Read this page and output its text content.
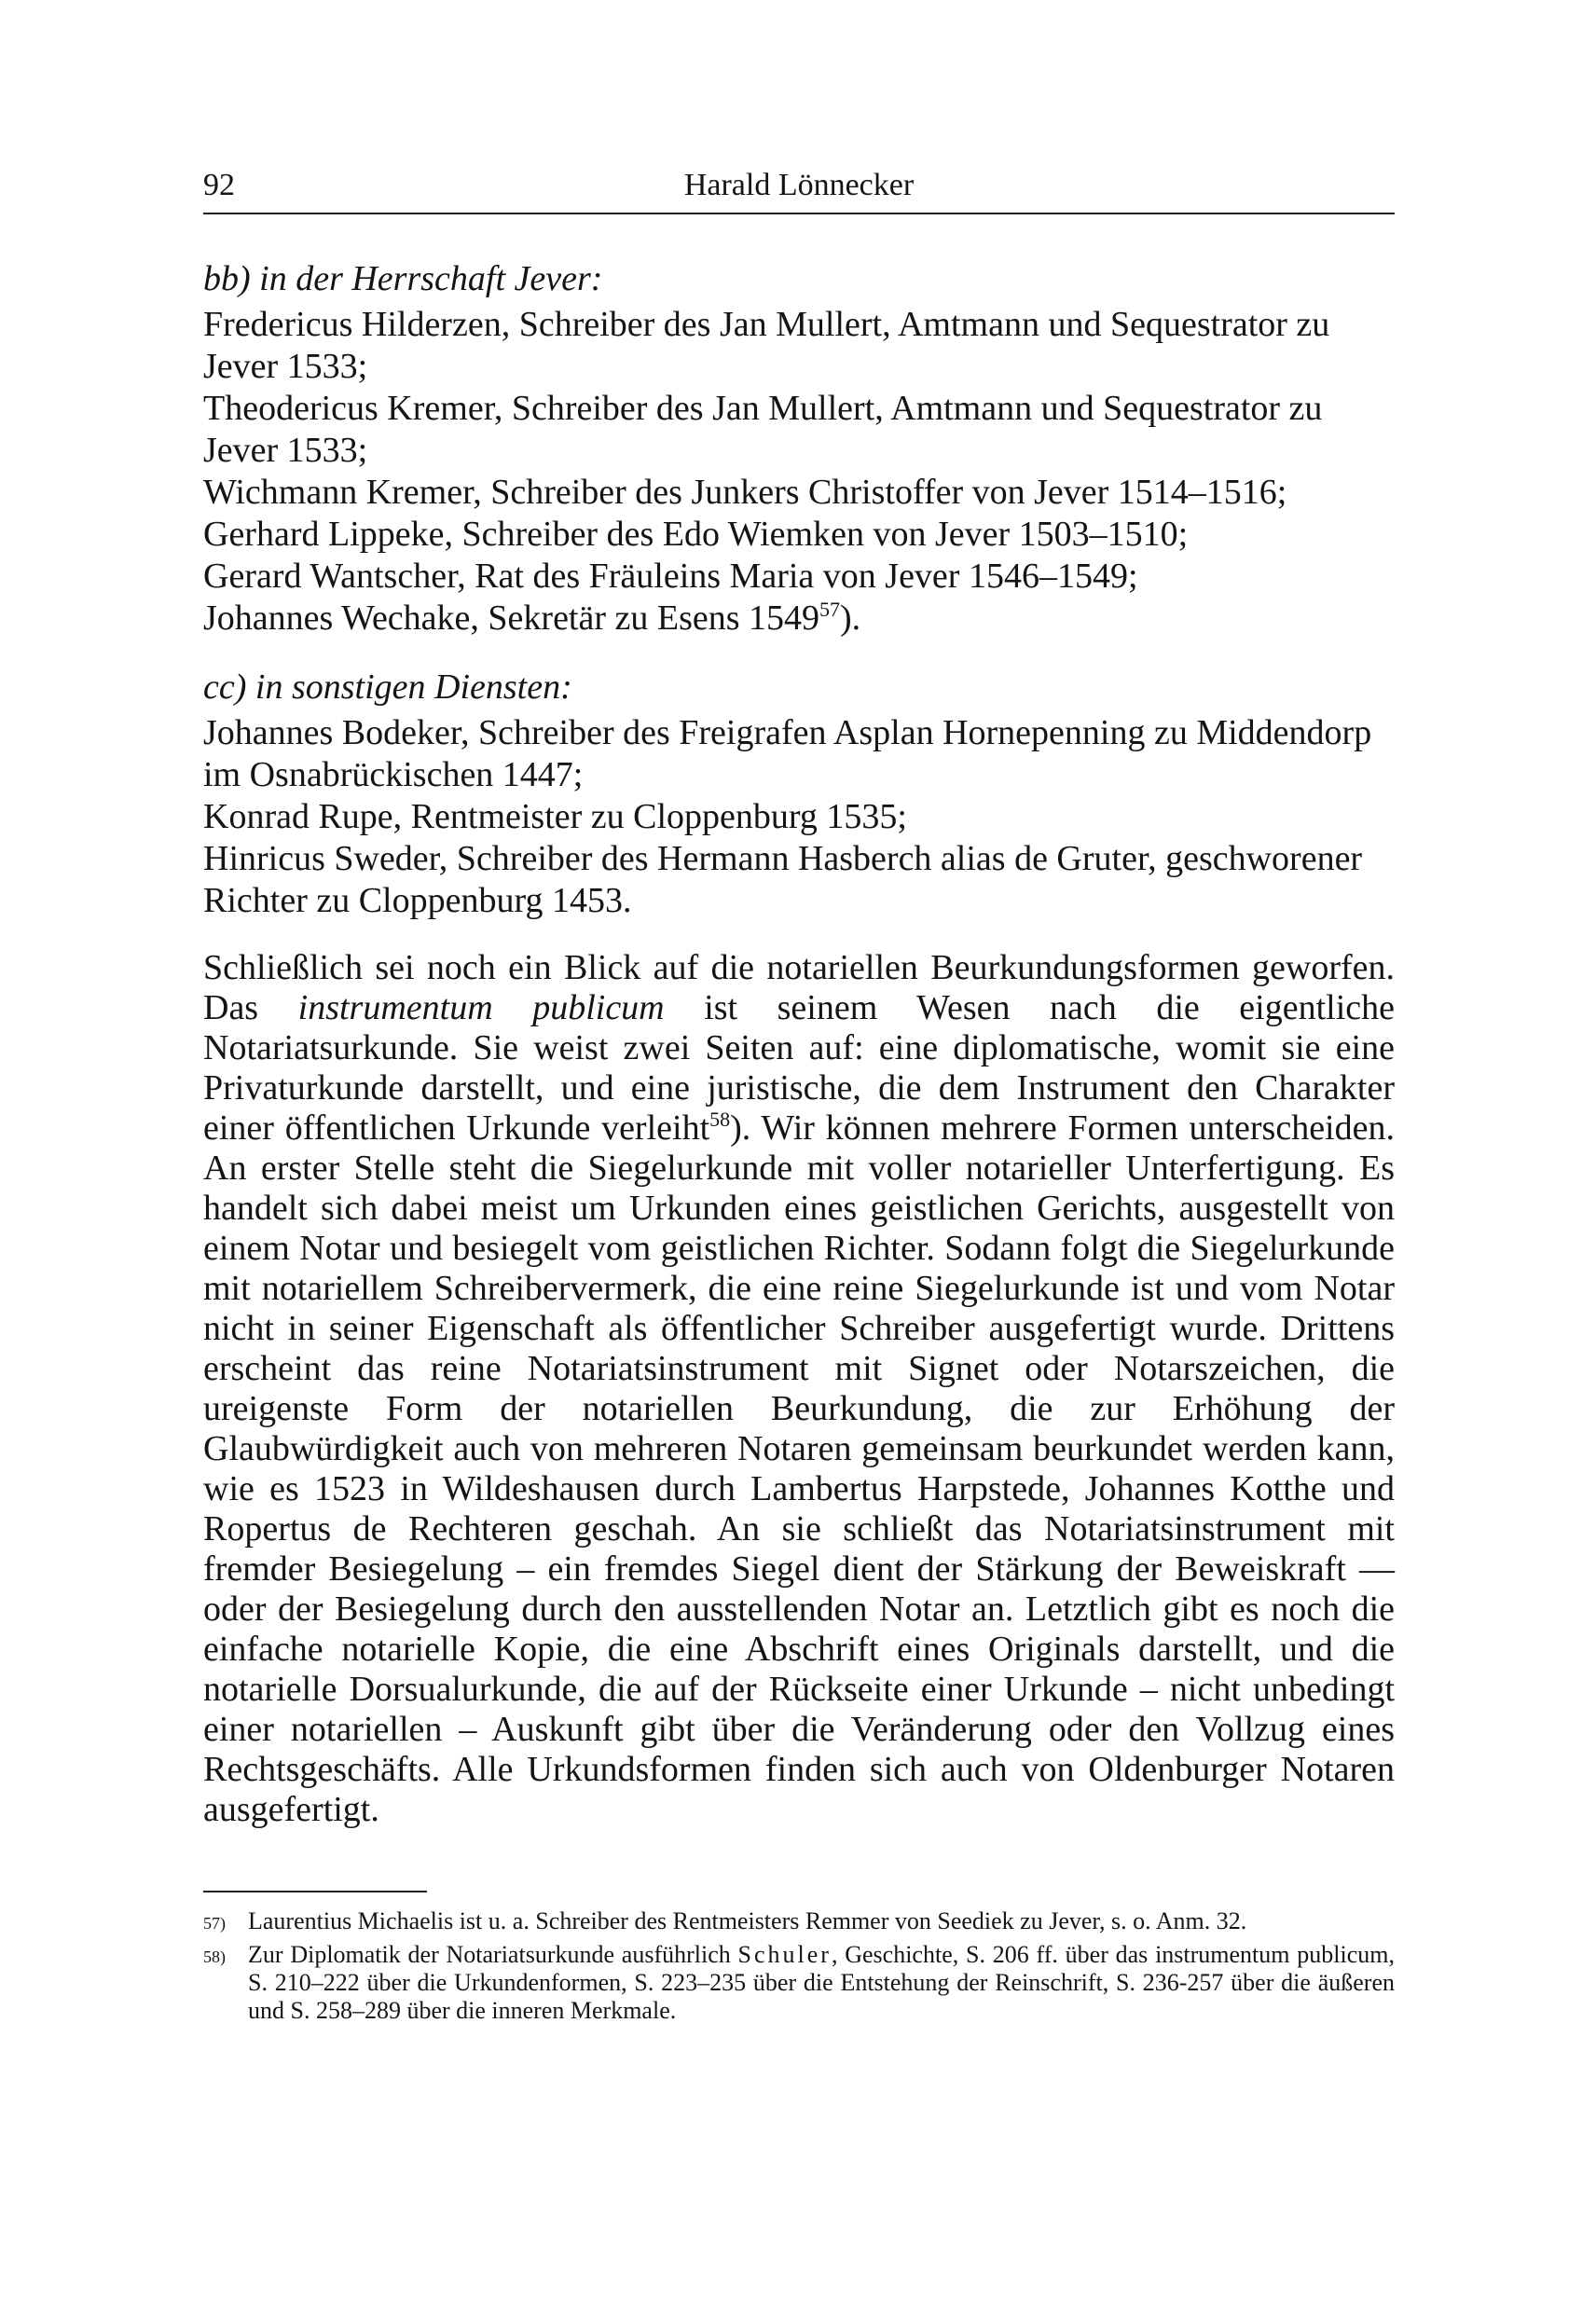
92	Harald Lönnecker
bb) in der Herrschaft Jever:
Fredericus Hilderzen, Schreiber des Jan Mullert, Amtmann und Sequestrator zu Jever 1533;
Theodericus Kremer, Schreiber des Jan Mullert, Amtmann und Sequestrator zu Jever 1533;
Wichmann Kremer, Schreiber des Junkers Christoffer von Jever 1514–1516;
Gerhard Lippeke, Schreiber des Edo Wiemken von Jever 1503–1510;
Gerard Wantscher, Rat des Fräuleins Maria von Jever 1546–1549;
Johannes Wechake, Sekretär zu Esens 1549$^{57}$).
cc) in sonstigen Diensten:
Johannes Bodeker, Schreiber des Freigrafen Asplan Hornepenning zu Middendorp im Osnabrückischen 1447;
Konrad Rupe, Rentmeister zu Cloppenburg 1535;
Hinricus Sweder, Schreiber des Hermann Hasberch alias de Gruter, geschworener Richter zu Cloppenburg 1453.

Schließlich sei noch ein Blick auf die notariellen Beurkundungsformen geworfen. Das instrumentum publicum ist seinem Wesen nach die eigentliche Notariatsurkunde. Sie weist zwei Seiten auf: eine diplomatische, womit sie eine Privaturkunde darstellt, und eine juristische, die dem Instrument den Charakter einer öffentlichen Urkunde verleiht$^{58}$). Wir können mehrere Formen unterscheiden. An erster Stelle steht die Siegelurkunde mit voller notarieller Unterfertigung. Es handelt sich dabei meist um Urkunden eines geistlichen Gerichts, ausgestellt von einem Notar und besiegelt vom geistlichen Richter. Sodann folgt die Siegelurkunde mit notariellem Schreibervermerk, die eine reine Siegelurkunde ist und vom Notar nicht in seiner Eigenschaft als öffentlicher Schreiber ausgefertigt wurde. Drittens erscheint das reine Notariatsinstrument mit Signet oder Notarszeichen, die ureigenste Form der notariellen Beurkundung, die zur Erhöhung der Glaubwürdigkeit auch von mehreren Notaren gemeinsam beurkundet werden kann, wie es 1523 in Wildeshausen durch Lambertus Harpstede, Johannes Kotthe und Ropertus de Rechteren geschah. An sie schließt das Notariatsinstrument mit fremder Besiegelung – ein fremdes Siegel dient der Stärkung der Beweiskraft — oder der Besiegelung durch den ausstellenden Notar an. Letztlich gibt es noch die einfache notarielle Kopie, die eine Abschrift eines Originals darstellt, und die notarielle Dorsualurkunde, die auf der Rückseite einer Urkunde – nicht unbedingt einer notariellen – Auskunft gibt über die Veränderung oder den Vollzug eines Rechtsgeschäfts. Alle Urkundsformen finden sich auch von Oldenburger Notaren ausgefertigt.

57) Laurentius Michaelis ist u. a. Schreiber des Rentmeisters Remmer von Seediek zu Jever, s. o. Anm. 32.
58) Zur Diplomatik der Notariatsurkunde ausführlich Schuler, Geschichte, S. 206 ff. über das instrumentum publicum, S. 210–222 über die Urkundenformen, S. 223–235 über die Entstehung der Reinschrift, S. 236-257 über die äußeren und S. 258–289 über die inneren Merkmale.
